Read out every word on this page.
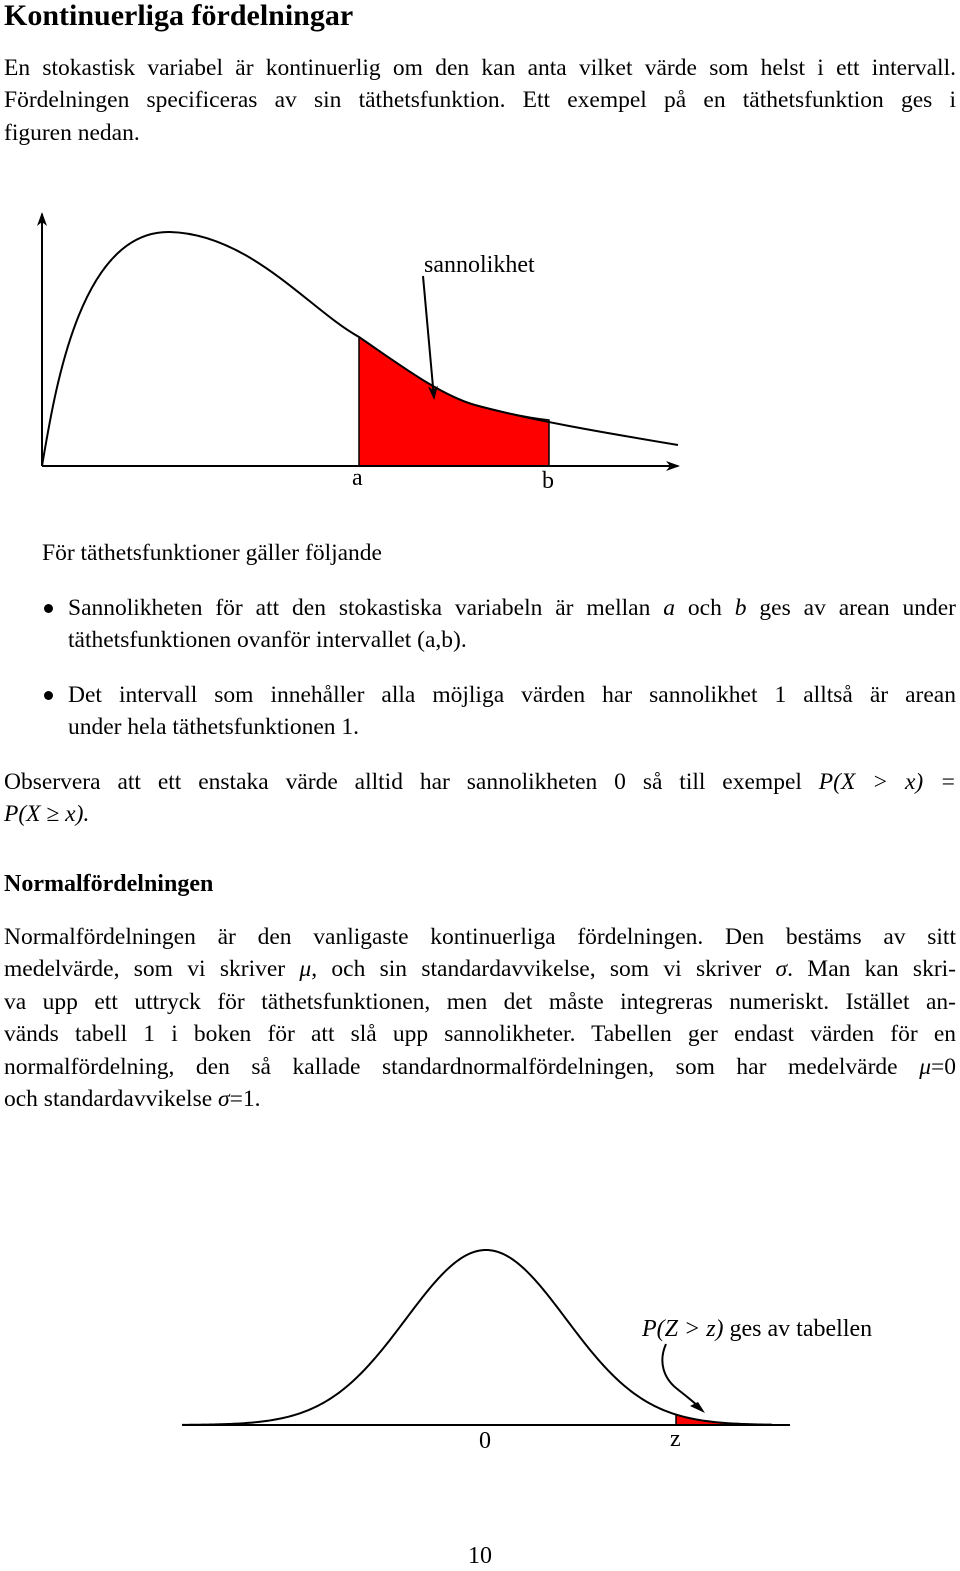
Kontinuerliga fördelningar
En stokastisk variabel är kontinuerlig om den kan anta vilket värde som helst i ett intervall.
Fördelningen specificeras av sin täthetsfunktion. Ett exempel på en täthetsfunktion ges i
figuren nedan.
sannolikhet
a	b
För täthetsfunktioner gäller följande
Sannolikheten för att den stokastiska variabeln är mellan a och b ges av arean under
täthetsfunktionen ovanför intervallet (a,b).
Det intervall som innehåller alla möjliga värden har sannolikhet 1 alltså är arean
under hela täthetsfunktionen 1.
Observera att ett enstaka värde alltid har sannolikheten 0 så till exempel P(X > x) =
P(X ≥ x).
Normalfördelningen
Normalfördelningen är den vanligaste kontinuerliga fördelningen. Den bestäms av sitt
medelvärde, som vi skriver μ, och sin standardavvikelse, som vi skriver σ. Man kan skri-
va upp ett uttryck för täthetsfunktionen, men det måste integreras numeriskt. Istället an-
vänds tabell 1 i boken för att slå upp sannolikheter. Tabellen ger endast värden för en
normalfördelning, den så kallade standardnormalfördelningen, som har medelvärde μ=0
och standardavvikelse σ=1.
P(Z > z) ges av tabellen
0	z
10
